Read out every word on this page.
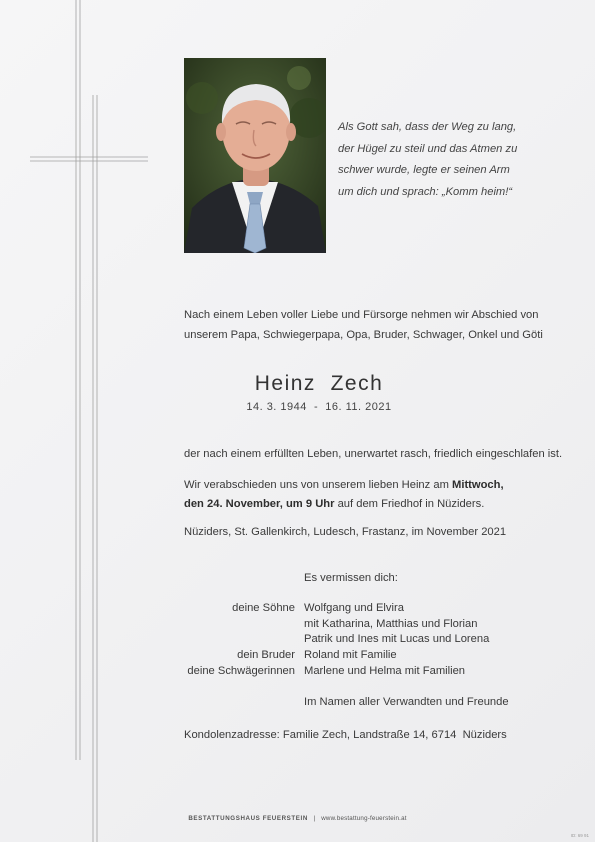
Als Gott sah, dass der Weg zu lang,
der Hügel zu steil und das Atmen zu
schwer wurde, legte er seinen Arm
um dich und sprach: „Komm heim!“
Nach einem Leben voller Liebe und Fürsorge nehmen wir Abschied von
unserem Papa, Schwiegerpapa, Opa, Bruder, Schwager, Onkel und Göti
Heinz  Zech
14. 3. 1944  -  16. 11. 2021
der nach einem erfüllten Leben, unerwartet rasch, friedlich eingeschlafen ist.
Wir verabschieden uns von unserem lieben Heinz am Mittwoch,
den 24. November, um 9 Uhr auf dem Friedhof in Nüziders.
Nüziders, St. Gallenkirch, Ludesch, Frastanz, im November 2021
Es vermissen dich:
deine Söhne Wolfgang und Elvira
mit Katharina, Matthias und Florian
Patrik und Ines mit Lucas und Lorena
dein Bruder Roland mit Familie
deine Schwägerinnen Marlene und Helma mit Familien
Im Namen aller Verwandten und Freunde
Kondolenzadresse: Familie Zech, Landstraße 14, 6714  Nüziders
BESTATTUNGSHAUS FEUERSTEIN | www.bestattung-feuerstein.at
ID: 69 91
